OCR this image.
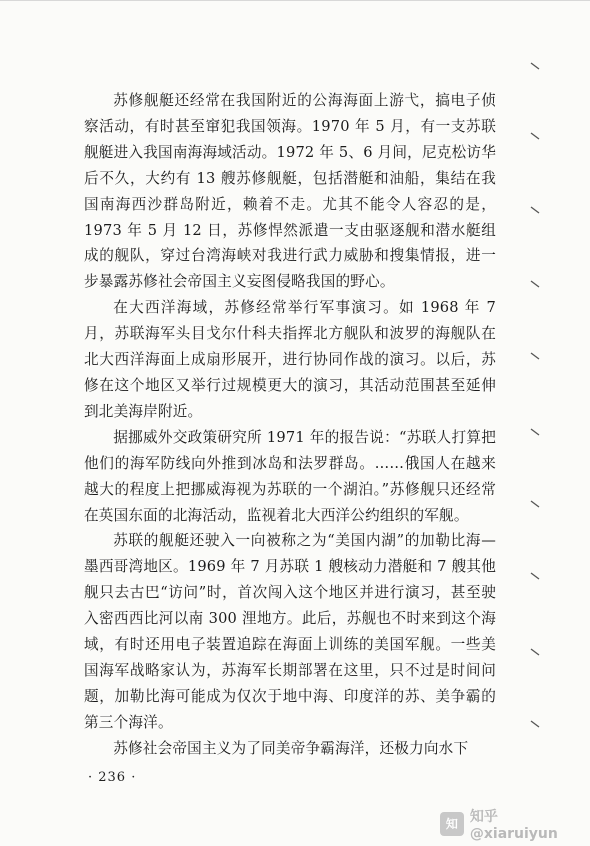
苏修舰艇还经常在我国附近的公海海面上游弋，搞电子侦察活动，有时甚至窜犯我国领海。1970 年 5 月，有一支苏联舰艇进入我国南海海域活动。1972 年 5、6 月间，尼克松访华后不久，大约有 13 艘苏修舰艇，包括潜艇和油船，集结在我国南海西沙群岛附近，赖着不走。尤其不能令人容忍的是，1973 年 5 月 12 日，苏修悍然派遣一支由驱逐舰和潜水艇组成的舰队，穿过台湾海峡对我进行武力威胁和搜集情报，进一步暴露苏修社会帝国主义妄图侵略我国的野心。

在大西洋海域，苏修经常举行军事演习。如 1968 年 7 月，苏联海军头目戈尔什科夫指挥北方舰队和波罗的海舰队在北大西洋海面上成扇形展开，进行协同作战的演习。以后，苏修在这个地区又举行过规模更大的演习，其活动范围甚至延伸到北美海岸附近。

据挪威外交政策研究所 1971 年的报告说：“苏联人打算把他们的海军防线向外推到冰岛和法罗群岛。……俄国人在越来越大的程度上把挪威海视为苏联的一个湖泊。”苏修舰只还经常在英国东面的北海活动，监视着北大西洋公约组织的军舰。

苏联的舰艇还驶入一向被称之为“美国内湖”的加勒比海—墨西哥湾地区。1969 年 7 月苏联 1 艘核动力潜艇和 7 艘其他舰只去古巴“访问”时，首次闯入这个地区并进行演习，甚至驶入密西西比河以南 300 浬地方。此后，苏舰也不时来到这个海域，有时还用电子装置追踪在海面上训练的美国军舰。一些美国海军战略家认为，苏海军长期部署在这里，只不过是时间问题，加勒比海可能成为仅次于地中海、印度洋的苏、美争霸的第三个海洋。

苏修社会帝国主义为了同美帝争霸海洋，还极力向水下

· 236 ·
知 知乎 @xiaruiyun
